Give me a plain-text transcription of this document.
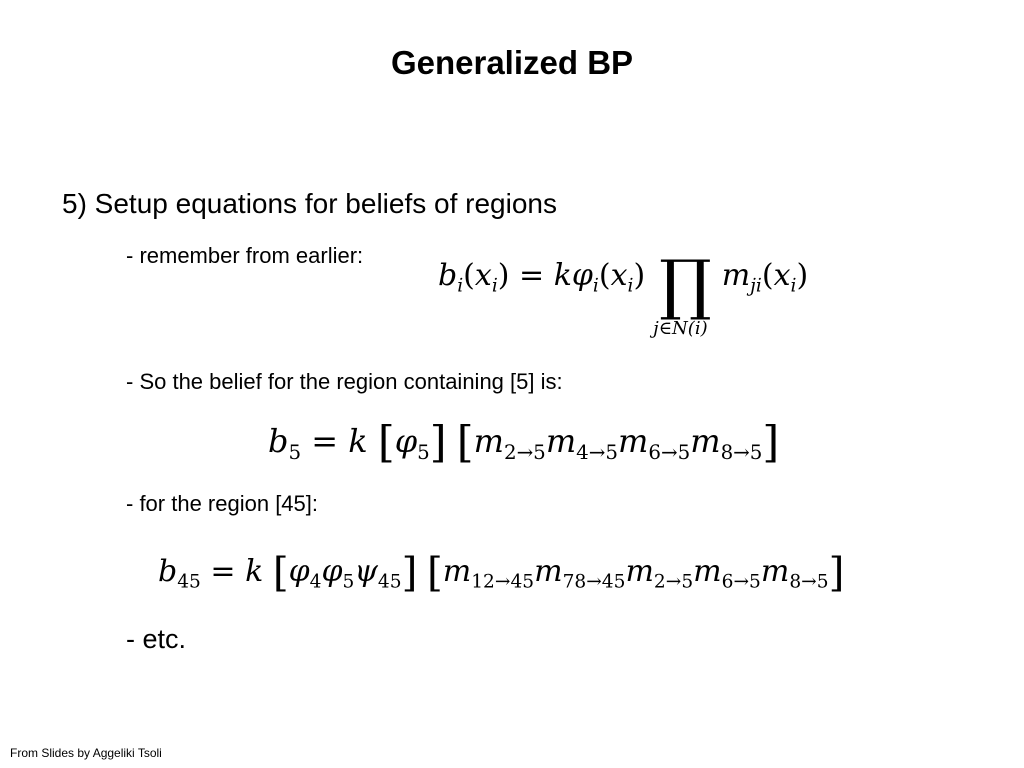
Generalized BP
5) Setup equations for beliefs of regions
- remember from earlier:
$b_i(x_i) = k\varphi_i(x_i)$ ∏
j∈N(i)
$m_{ji}(x_i)$
- So the belief for the region containing [5] is:
$b_5 = k$ $[\varphi_5]$ $[m_{2\to 5}m_{4\to 5}m_{6\to 5}m_{8\to 5}]$
- for the region [45]:
$b_{45} = k$ $[\varphi_4\varphi_5\psi_{45}]$ $[m_{12\to 45}m_{78\to 45}m_{2\to 5}m_{6\to 5}m_{8\to 5}]$
- etc.
From Slides by Aggeliki Tsoli
